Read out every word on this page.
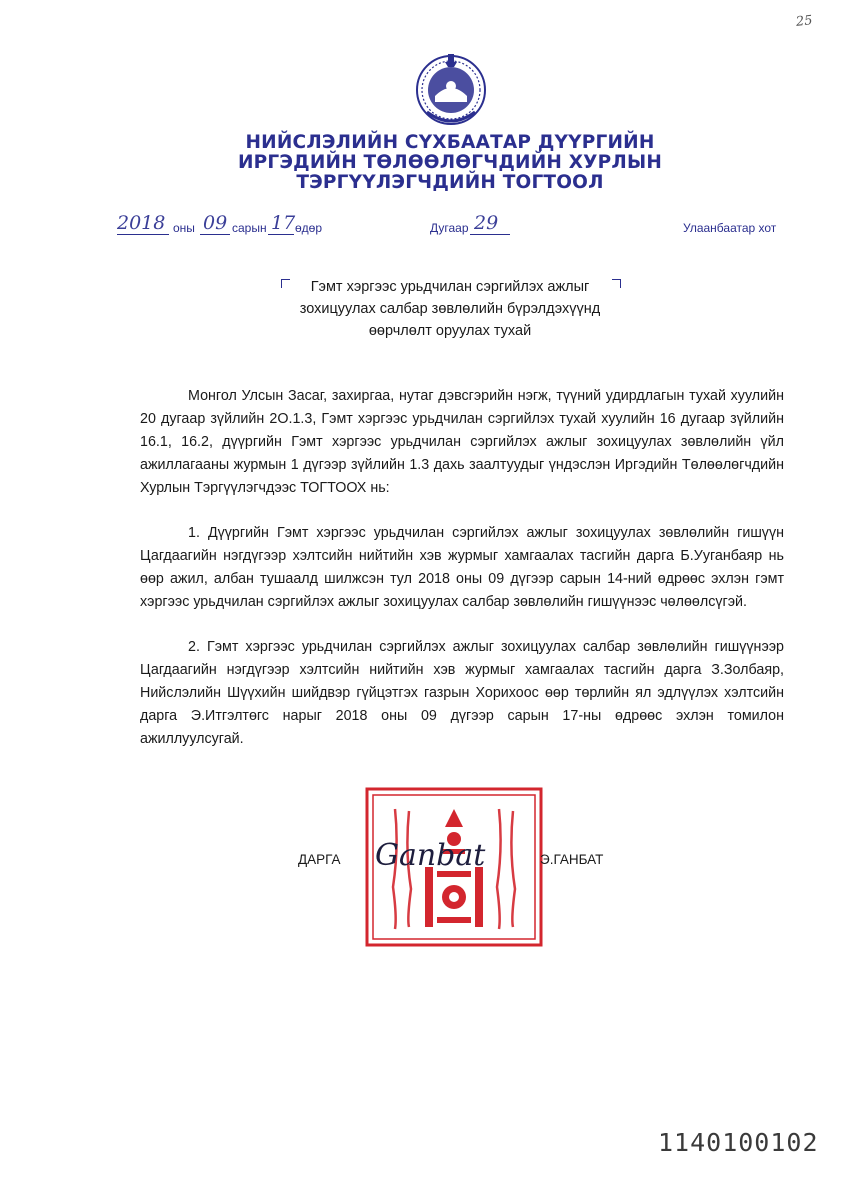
25
НИЙСЛЭЛИЙН СҮХБААТАР ДҮҮРГИЙН
ИРГЭДИЙН ТӨЛӨӨЛӨГЧДИЙН ХУРЛЫН
ТЭРГҮҮЛЭГЧДИЙН ТОГТООЛ
2018 оны 09 сарын 17 өдөр	Дугаар 29	Улаанбаатар хот
Гэмт хэргээс урьдчилан сэргийлэх ажлыг
зохицуулах салбар зөвлөлийн бүрэлдэхүүнд
өөрчлөлт оруулах тухай

Монгол Улсын Засаг, захиргаа, нутаг дэвсгэрийн нэгж, түүний удирдлагын тухай хуулийн 20 дугаар зүйлийн 2О.1.3, Гэмт хэргээс урьдчилан сэргийлэх тухай хуулийн 16 дугаар зүйлийн 16.1, 16.2, дүүргийн Гэмт хэргээс урьдчилан сэргийлэх ажлыг зохицуулах зөвлөлийн үйл ажиллагааны журмын 1 дүгээр зүйлийн 1.3 дахь заалтуудыг үндэслэн Иргэдийн Төлөөлөгчдийн Хурлын Тэргүүлэгчдээс ТОГТООХ нь:

1. Дүүргийн Гэмт хэргээс урьдчилан сэргийлэх ажлыг зохицуулах зөвлөлийн гишүүн Цагдаагийн нэгдүгээр хэлтсийн нийтийн хэв журмыг хамгаалах тасгийн дарга Б.Ууганбаяр нь өөр ажил, албан тушаалд шилжсэн тул 2018 оны 09 дүгээр сарын 14-ний өдрөөс эхлэн гэмт хэргээс урьдчилан сэргийлэх ажлыг зохицуулах салбар зөвлөлийн гишүүнээс чөлөөлсүгэй.

2. Гэмт хэргээс урьдчилан сэргийлэх ажлыг зохицуулах салбар зөвлөлийн гишүүнээр Цагдаагийн нэгдүгээр хэлтсийн нийтийн хэв журмыг хамгаалах тасгийн дарга З.Золбаяр, Нийслэлийн Шүүхийн шийдвэр гүйцэтгэх газрын Хорихоос өөр төрлийн ял эдлүүлэх хэлтсийн дарга Э.Итгэлтөгс нарыг 2018 оны 09 дүгээр сарын 17-ны өдрөөс эхлэн томилон ажиллуулсугай.

ДАРГА Ganbat	Э.ГАНБАТ
1140100102
